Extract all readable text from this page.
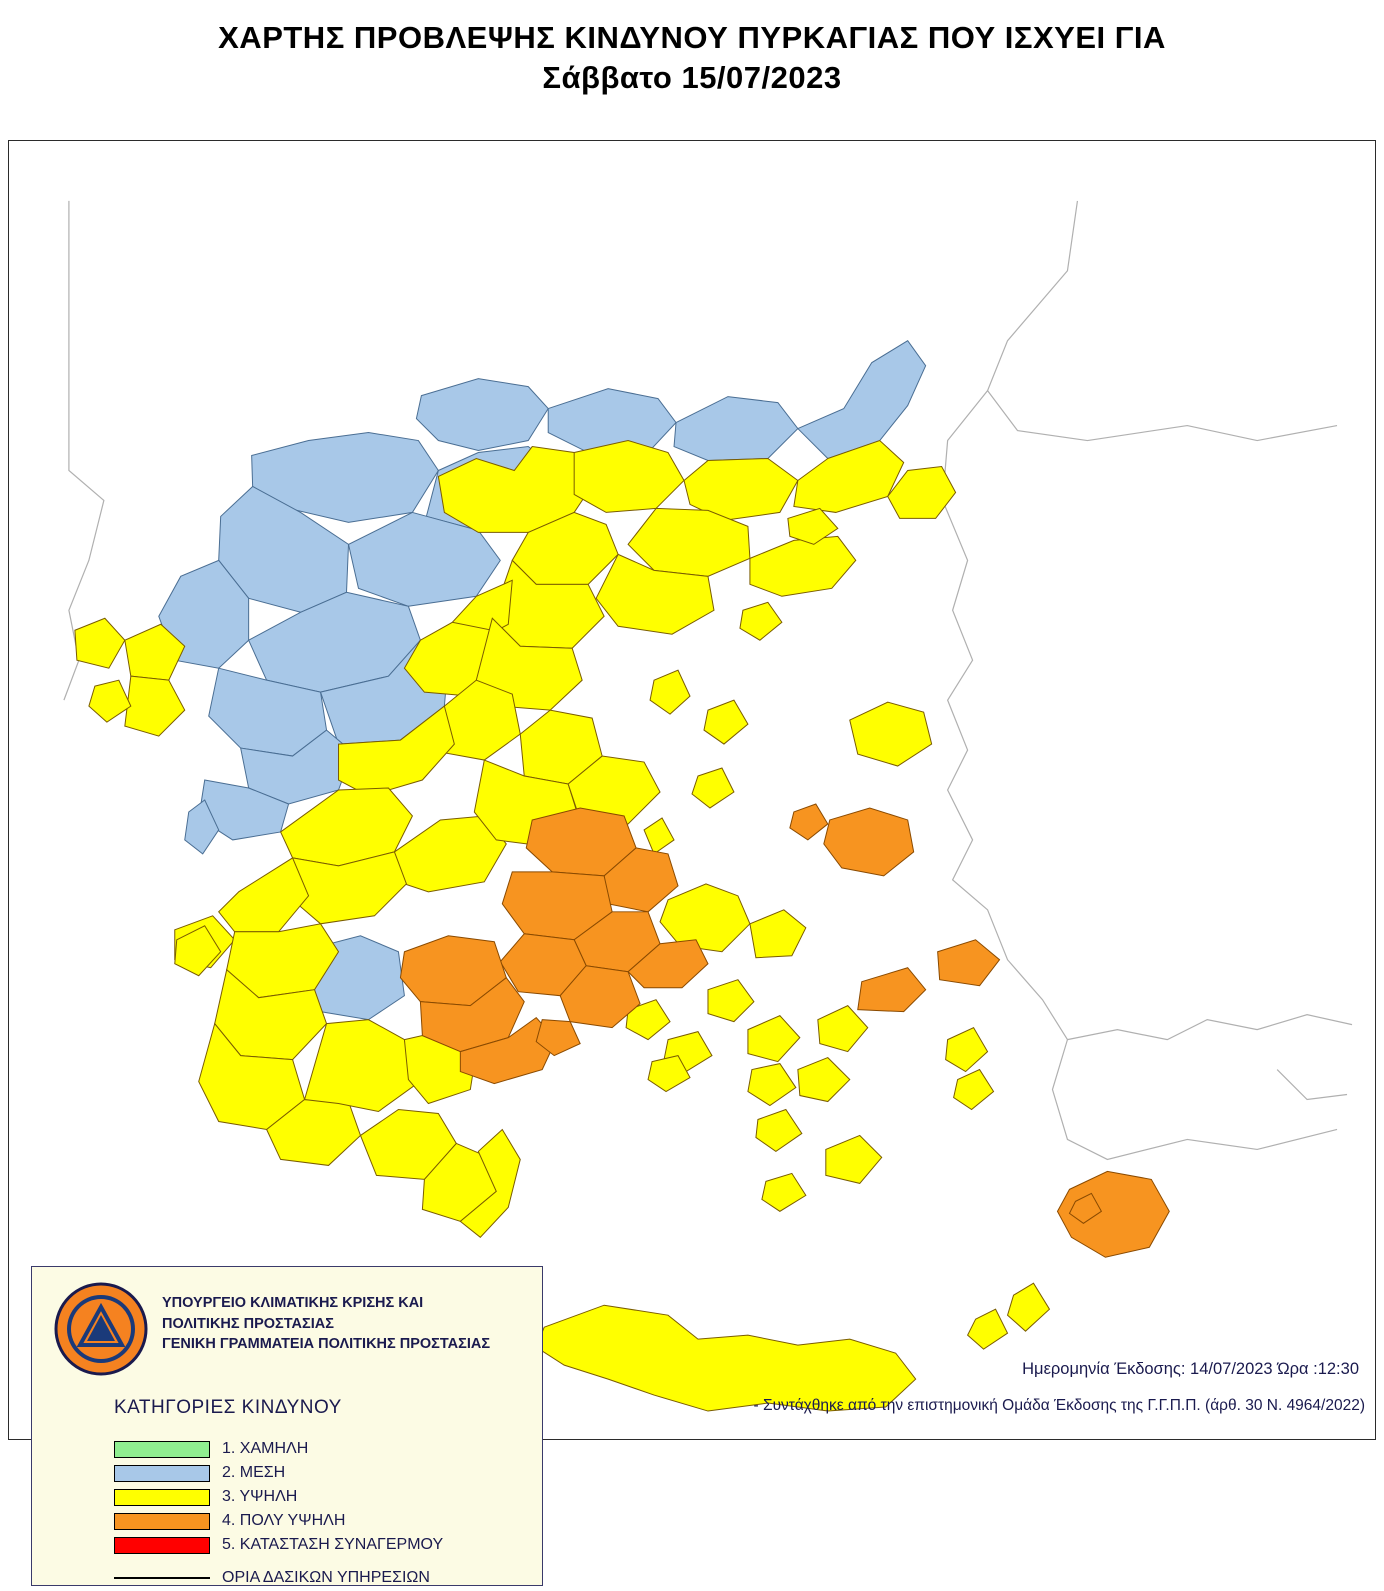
ΧΑΡΤΗΣ ΠΡΟΒΛΕΨΗΣ ΚΙΝΔΥΝΟΥ ΠΥΡΚΑΓΙΑΣ ΠΟΥ ΙΣΧΥΕΙ ΓΙΑ
Σάββατο 15/07/2023
ΥΠΟΥΡΓΕΙΟ ΚΛΙΜΑΤΙΚΗΣ ΚΡΙΣΗΣ ΚΑΙ
ΠΟΛΙΤΙΚΗΣ ΠΡΟΣΤΑΣΙΑΣ
ΓΕΝΙΚΗ ΓΡΑΜΜΑΤΕΙΑ ΠΟΛΙΤΙΚΗΣ ΠΡΟΣΤΑΣΙΑΣ
ΚΑΤΗΓΟΡΙΕΣ ΚΙΝΔΥΝΟΥ
1. ΧΑΜΗΛΗ
2. ΜΕΣΗ
3. ΥΨΗΛΗ
4. ΠΟΛΥ ΥΨΗΛΗ
5. ΚΑΤΑΣΤΑΣΗ ΣΥΝΑΓΕΡΜΟΥ
ΟΡΙΑ ΔΑΣΙΚΩΝ ΥΠΗΡΕΣΙΩΝ
Ημερομηνία Έκδοσης: 14/07/2023 Ώρα :12:30
- Συντάχθηκε από την επιστημονική Ομάδα Έκδοσης της Γ.Γ.Π.Π. (άρθ. 30 Ν. 4964/2022)
